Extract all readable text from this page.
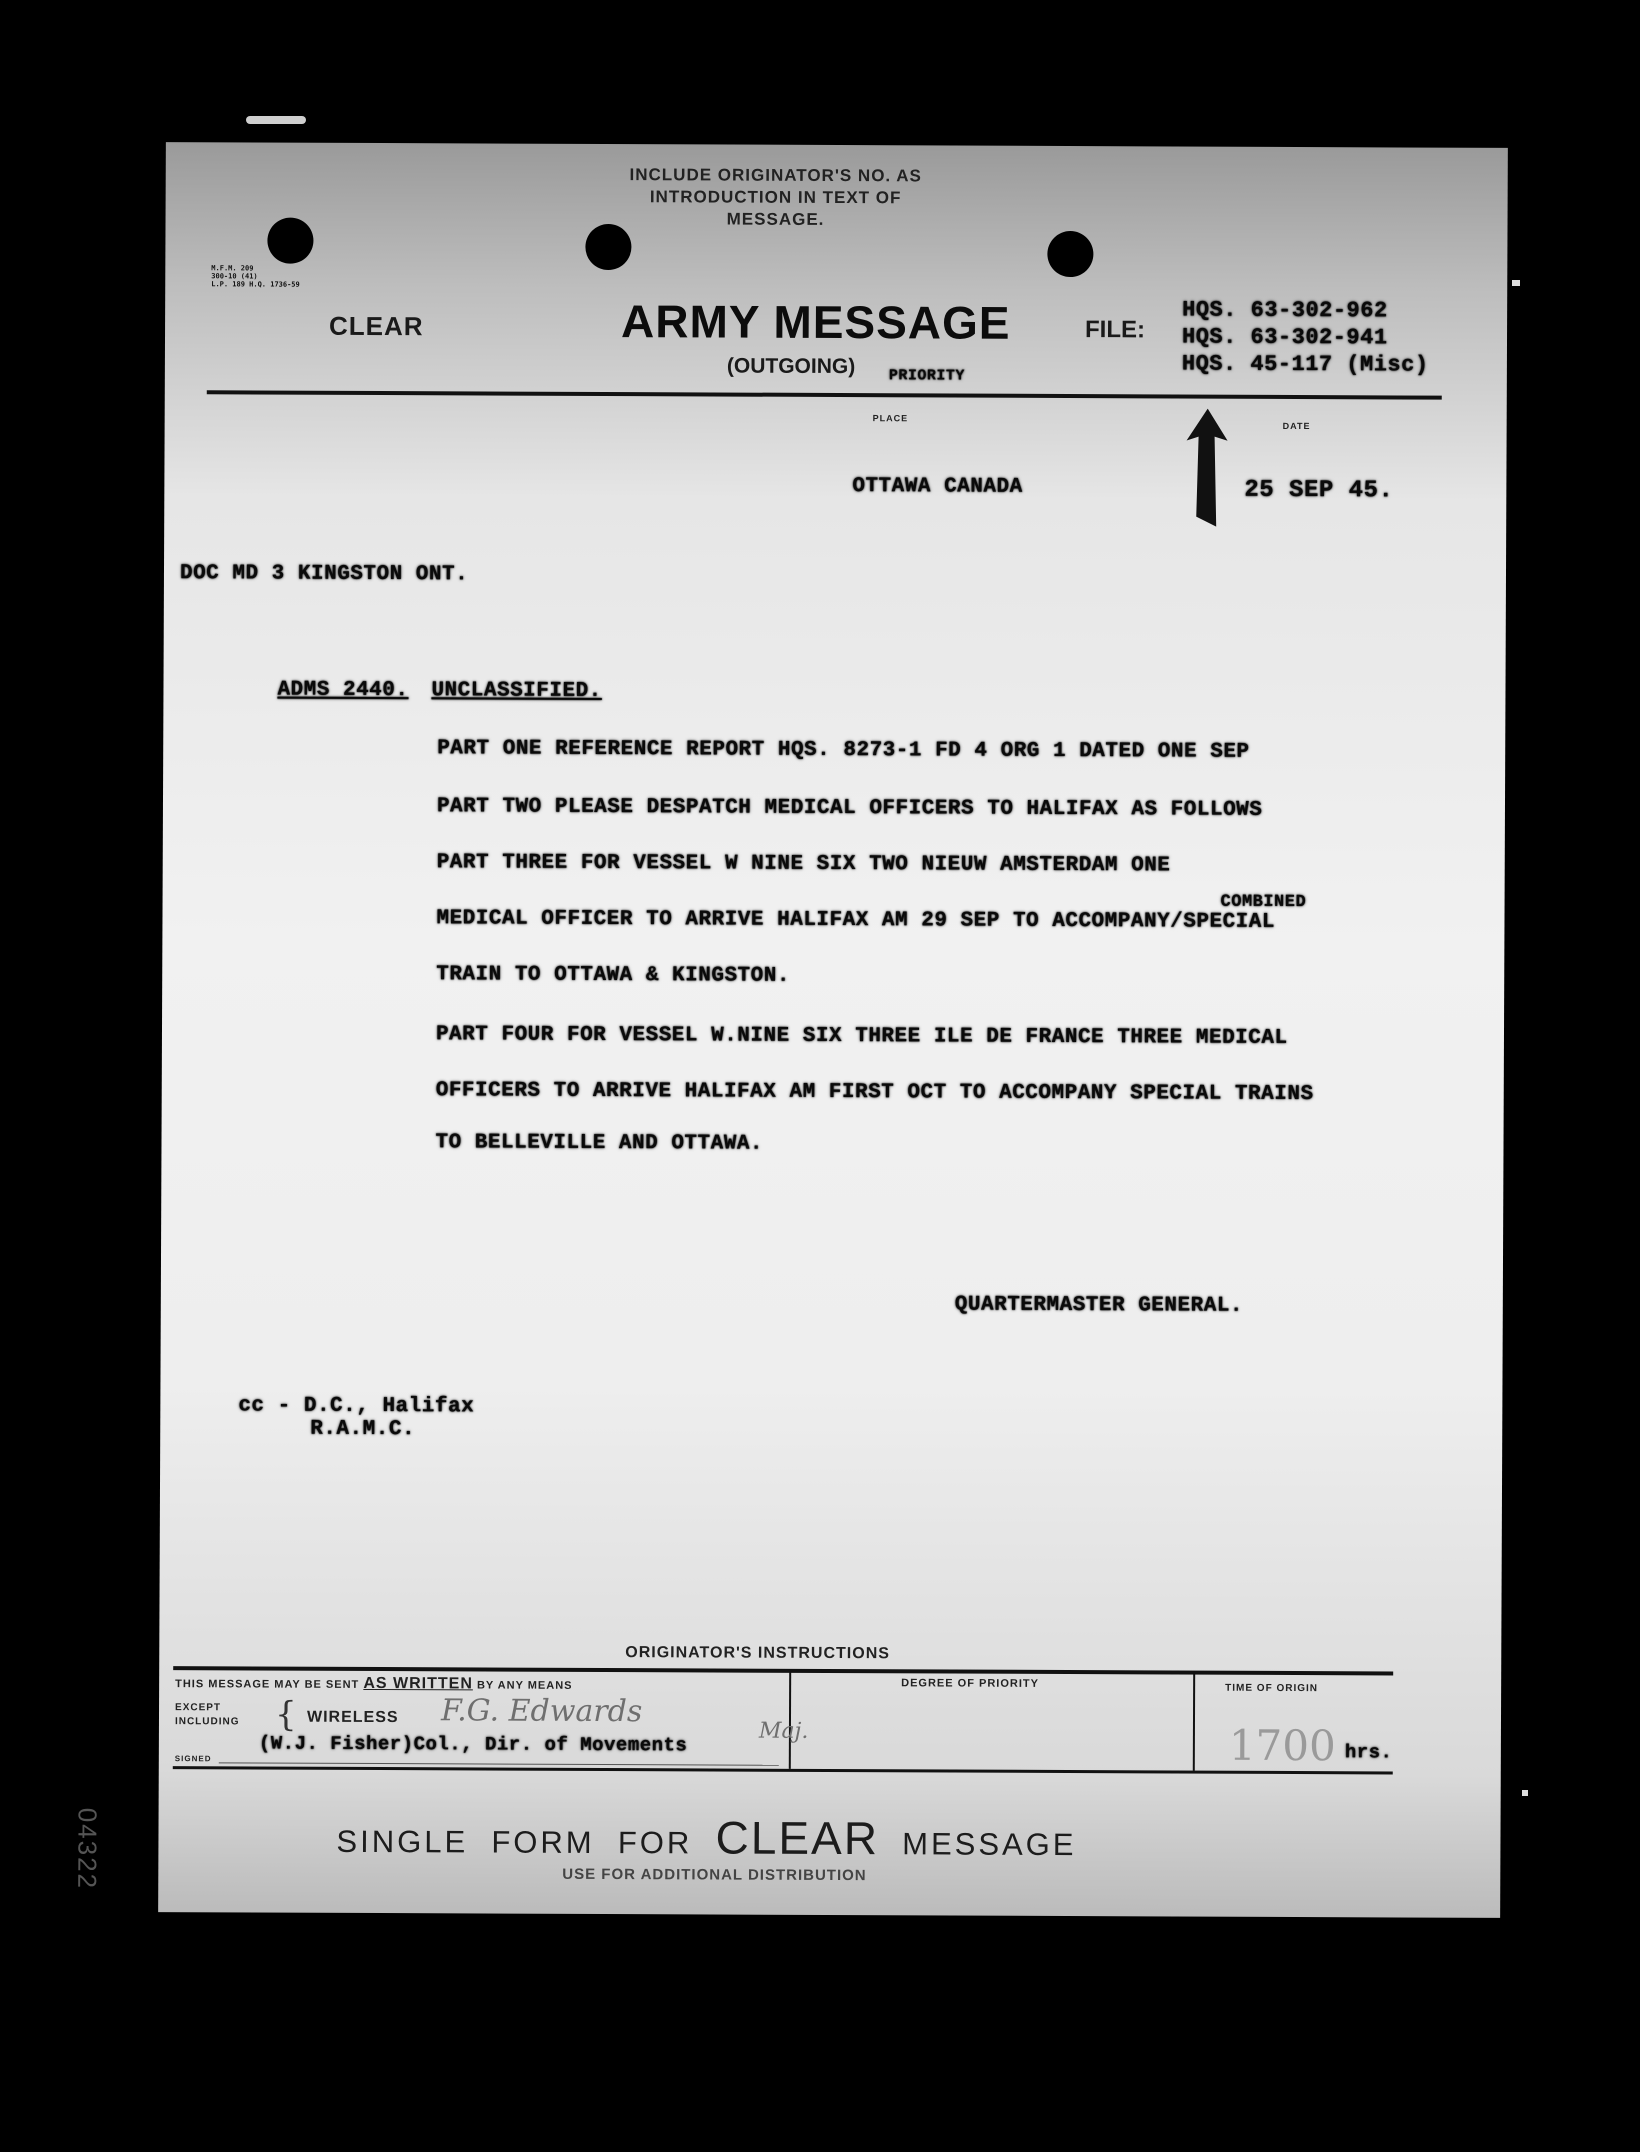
INCLUDE ORIGINATOR'S NO. AS
INTRODUCTION IN TEXT OF
MESSAGE.
M.F.M. 209
300-10 (41)
L.P. 189 H.Q. 1736-59
CLEAR	ARMY MESSAGE
(OUTGOING) PRIORITY
FILE:
HQS. 63-302-962
HQS. 63-302-941
HQS. 45-117 (Misc)
PLACE
DATE
OTTAWA CANADA	25 SEP 45.
DOC MD 3 KINGSTON ONT.
ADMS 2440. UNCLASSIFIED.
PART ONE REFERENCE REPORT HQS. 8273-1 FD 4 ORG 1 DATED ONE SEP
PART TWO PLEASE DESPATCH MEDICAL OFFICERS TO HALIFAX AS FOLLOWS
PART THREE FOR VESSEL W NINE SIX TWO NIEUW AMSTERDAM ONE
COMBINED
MEDICAL OFFICER TO ARRIVE HALIFAX AM 29 SEP TO ACCOMPANY/SPECIAL
TRAIN TO OTTAWA & KINGSTON.
PART FOUR FOR VESSEL W.NINE SIX THREE ILE DE FRANCE THREE MEDICAL
OFFICERS TO ARRIVE HALIFAX AM FIRST OCT TO ACCOMPANY SPECIAL TRAINS
TO BELLEVILLE AND OTTAWA.
QUARTERMASTER GENERAL.
cc - D.C., Halifax
R.A.M.C.
ORIGINATOR'S INSTRUCTIONS
THIS MESSAGE MAY BE SENT AS WRITTEN BY ANY MEANS
EXCEPT
INCLUDING { WIRELESS F.G. Edwards
Maj.
(W.J. Fisher)Col., Dir. of Movements
SIGNED
DEGREE OF PRIORITY	TIME OF ORIGIN
1700 hrs.
SINGLE FORM FOR CLEAR MESSAGE
USE FOR ADDITIONAL DISTRIBUTION
04322
